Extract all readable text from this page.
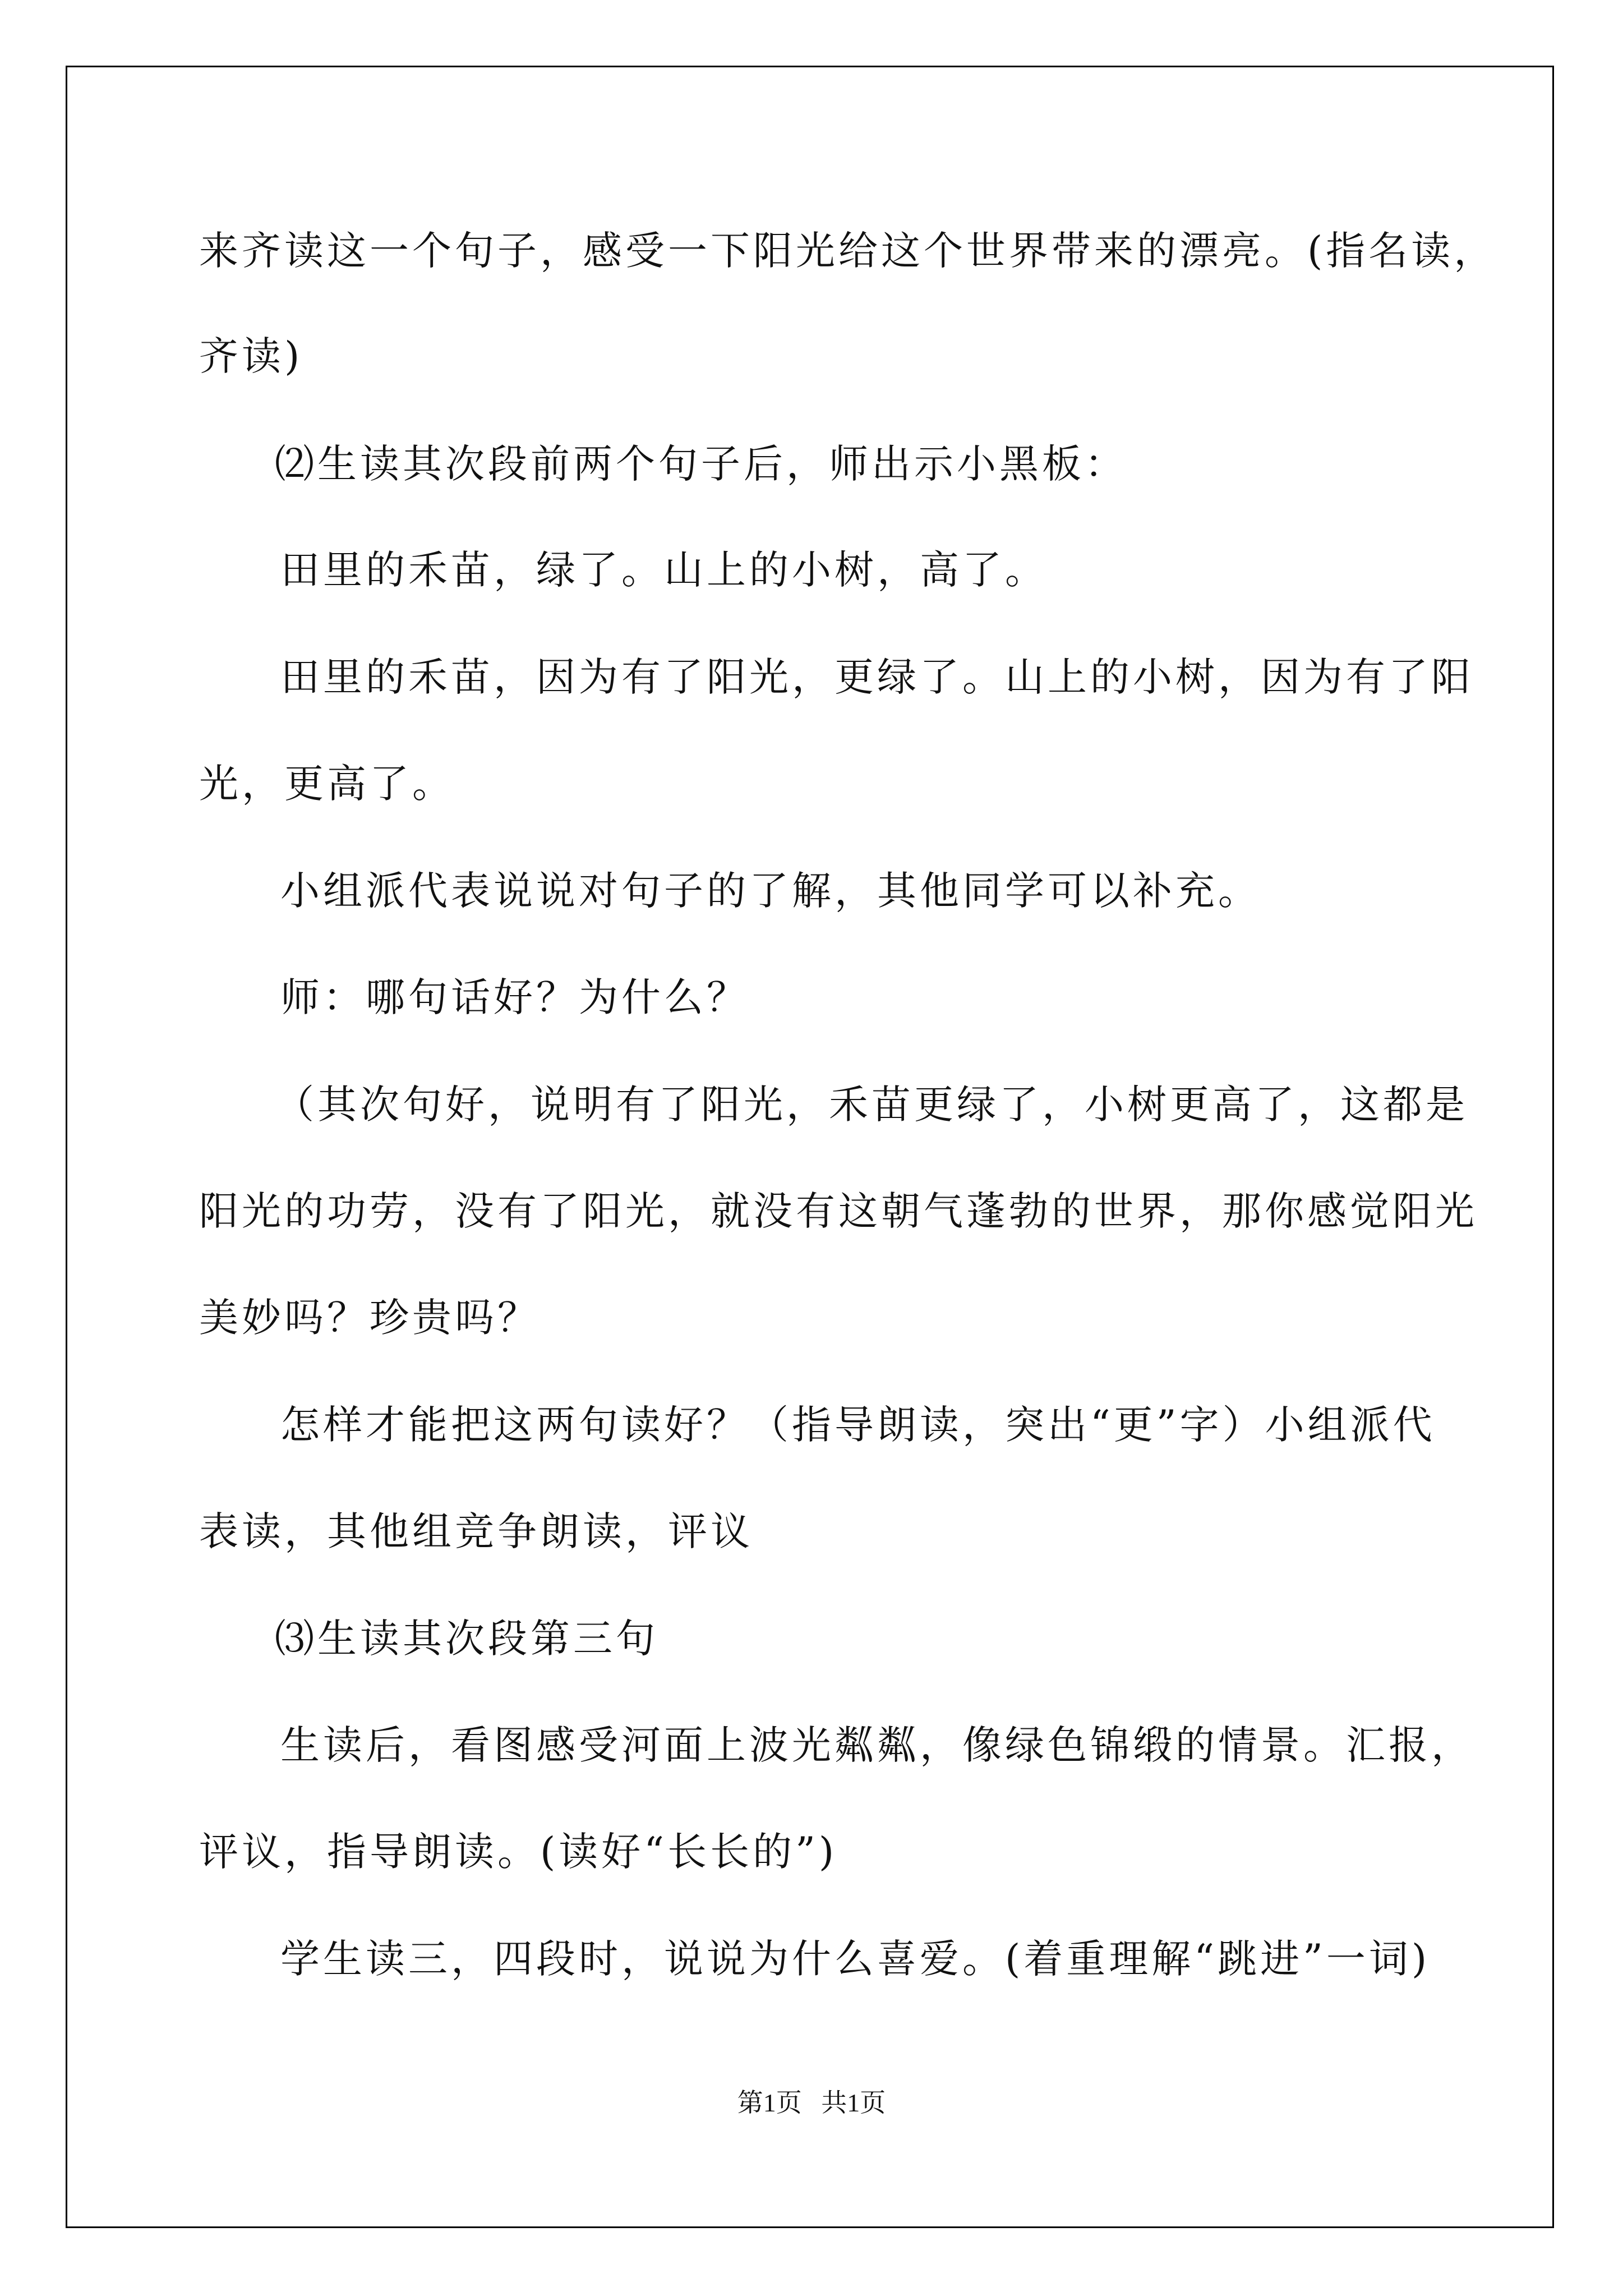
来齐读这一个句子，感受一下阳光给这个世界带来的漂亮。(指名读，
齐读)
⑵生读其次段前两个句子后，师出示小黑板：
田里的禾苗，绿了。山上的小树，高了。
田里的禾苗，因为有了阳光，更绿了。山上的小树，因为有了阳
光，更高了。
小组派代表说说对句子的了解，其他同学可以补充。
师：哪句话好？为什么？
（其次句好，说明有了阳光，禾苗更绿了，小树更高了，这都是
阳光的功劳，没有了阳光，就没有这朝气蓬勃的世界，那你感觉阳光
美妙吗？珍贵吗？
怎样才能把这两句读好？（指导朗读，突出“更”字）小组派代
表读，其他组竞争朗读，评议
⑶生读其次段第三句
生读后，看图感受河面上波光粼粼，像绿色锦缎的情景。汇报，
评议，指导朗读。(读好“长长的”)
学生读三，四段时，说说为什么喜爱。(着重理解“跳进”一词)
第1页   共1页
